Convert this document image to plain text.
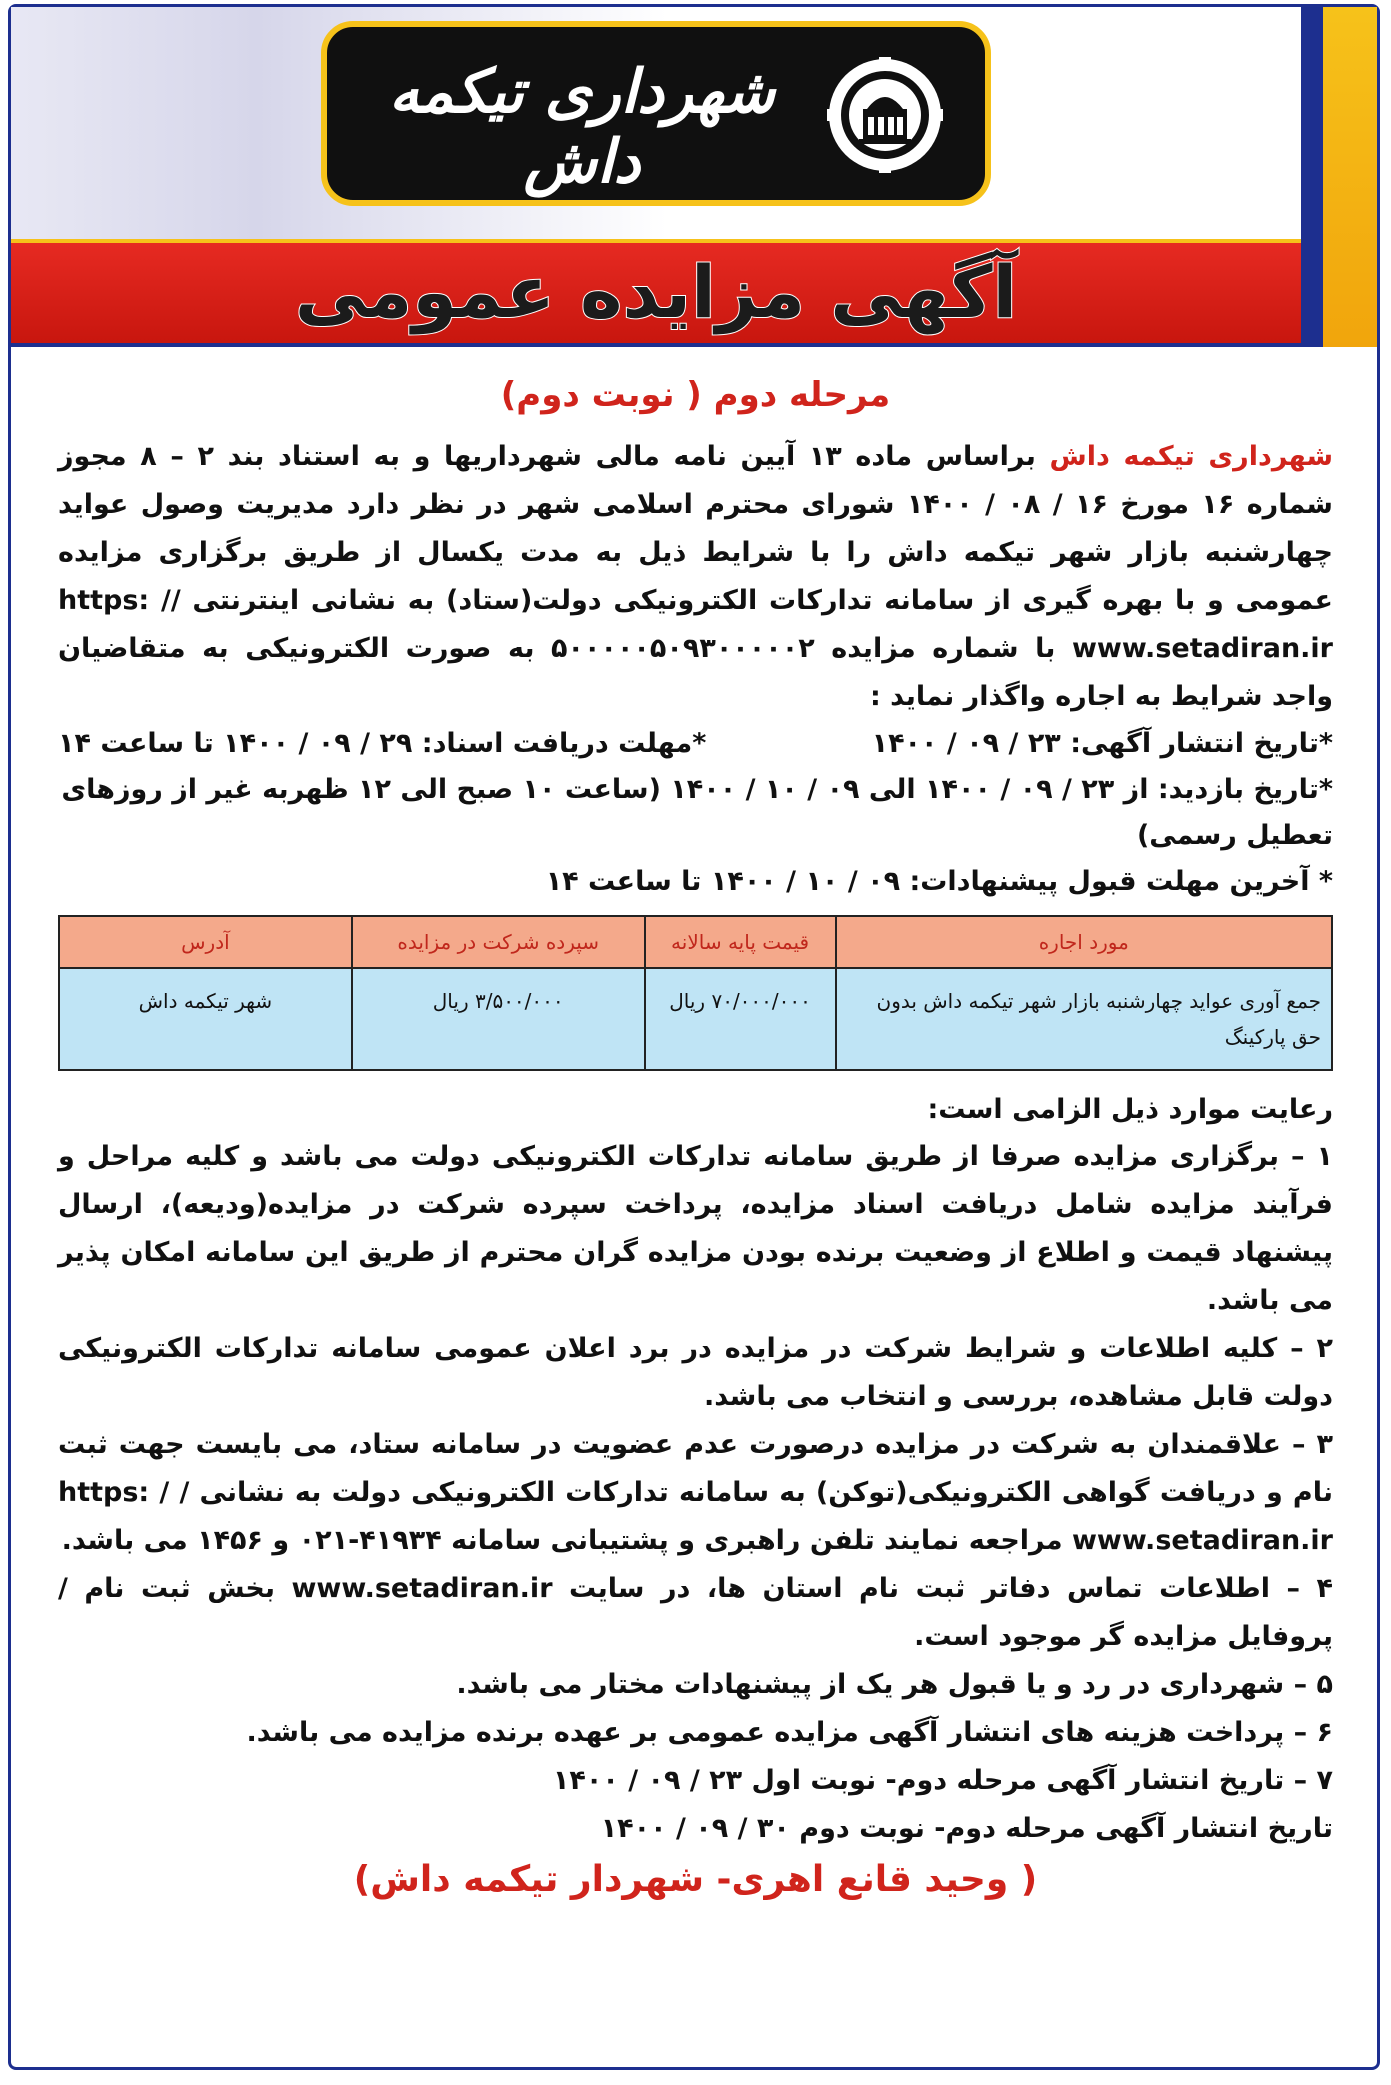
شهرداری تیکمه داش
آگهی مزایده عمومی
مرحله دوم ( نوبت دوم)
شهرداری تیکمه داش براساس ماده ۱۳ آیین نامه مالی شهرداریها و به استناد بند ۲ – ۸ مجوز شماره ۱۶ مورخ ۱۶ / ۰۸ / ۱۴۰۰ شورای محترم اسلامی شهر در نظر دارد مدیریت وصول عواید چهارشنبه بازار شهر تیکمه داش را با شرایط ذیل به مدت یکسال از طریق برگزاری مزایده عمومی و با بهره گیری از سامانه تدارکات الکترونیکی دولت(ستاد) به نشانی اینترنتی https: // www.setadiran.ir با شماره مزایده ۵۰۰۰۰۰۵۰۹۳۰۰۰۰۰۲ به صورت الکترونیکی به متقاضیان واجد شرایط به اجاره واگذار نماید :
*تاریخ انتشار آگهی: ۲۳ / ۰۹ / ۱۴۰۰
*مهلت دریافت اسناد: ۲۹ / ۰۹ / ۱۴۰۰ تا ساعت ۱۴
*تاریخ بازدید: از ۲۳ / ۰۹ / ۱۴۰۰ الی ۰۹ / ۱۰ / ۱۴۰۰ (ساعت ۱۰ صبح الی ۱۲ ظهربه غیر از روزهای تعطیل رسمی)
* آخرین مهلت قبول پیشنهادات: ۰۹ / ۱۰ / ۱۴۰۰ تا ساعت ۱۴
مورد اجاره	قیمت پایه سالانه	سپرده شرکت در مزایده	آدرس
جمع آوری عواید چهارشنبه بازار شهر تیکمه داش بدون حق پارکینگ	۷۰/۰۰۰/۰۰۰ ریال	۳/۵۰۰/۰۰۰ ریال	شهر تیکمه داش
رعایت موارد ذیل الزامی است:
۱ – برگزاری مزایده صرفا از طریق سامانه تدارکات الکترونیکی دولت می باشد و کلیه مراحل و فرآیند مزایده شامل دریافت اسناد مزایده، پرداخت سپرده شرکت در مزایده(ودیعه)، ارسال پیشنهاد قیمت و اطلاع از وضعیت برنده بودن مزایده گران محترم از طریق این سامانه امکان پذیر می باشد.
۲ – کلیه اطلاعات و شرایط شرکت در مزایده در برد اعلان عمومی سامانه تدارکات الکترونیکی دولت قابل مشاهده، بررسی و انتخاب می باشد.
۳ – علاقمندان به شرکت در مزایده درصورت عدم عضویت در سامانه ستاد، می بایست جهت ثبت نام و دریافت گواهی الکترونیکی(توکن) به سامانه تدارکات الکترونیکی دولت به نشانی https: / / www.setadiran.ir مراجعه نمایند تلفن راهبری و پشتیبانی سامانه ۴۱۹۳۴-۰۲۱ و ۱۴۵۶ می باشد.
۴ – اطلاعات تماس دفاتر ثبت نام استان ها، در سایت www.setadiran.ir بخش ثبت نام / پروفایل مزایده گر موجود است.
۵ – شهرداری در رد و یا قبول هر یک از پیشنهادات مختار می باشد.
۶ – پرداخت هزینه های انتشار آگهی مزایده عمومی بر عهده برنده مزایده می باشد.
۷ – تاریخ انتشار آگهی مرحله دوم- نوبت اول ۲۳ / ۰۹ / ۱۴۰۰
تاریخ انتشار آگهی مرحله دوم- نوبت دوم ۳۰ / ۰۹ / ۱۴۰۰
( وحید قانع اهری- شهردار تیکمه داش)
